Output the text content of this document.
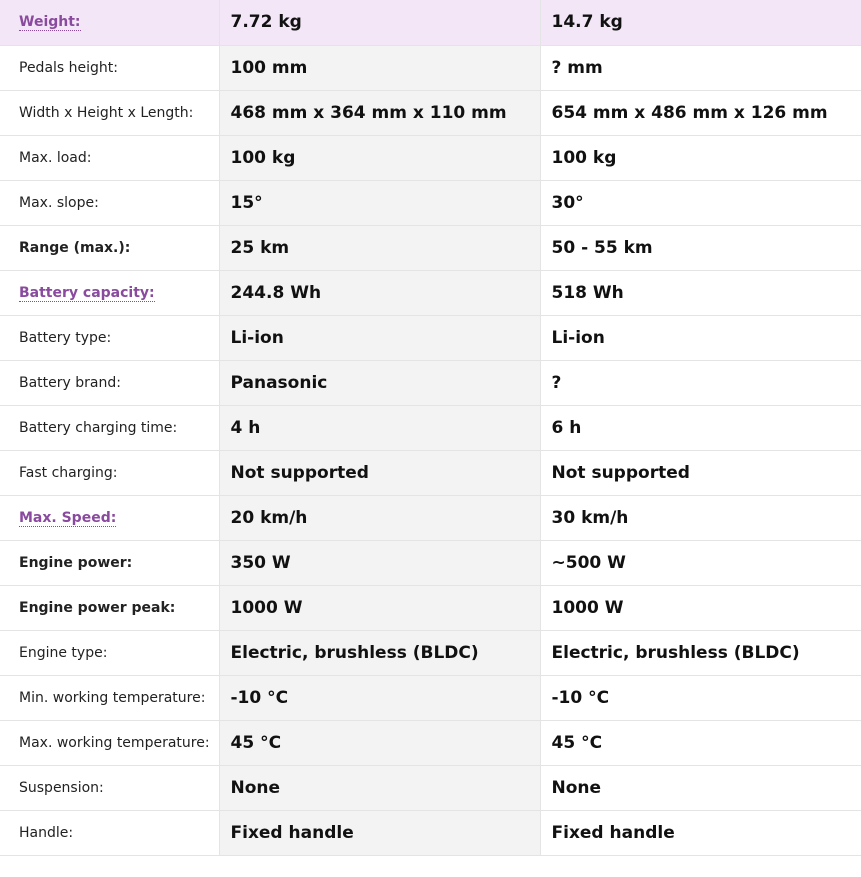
Weight:	7.72 kg	14.7 kg
Pedals height:	100 mm	? mm
Width x Height x Length:	468 mm x 364 mm x 110 mm	654 mm x 486 mm x 126 mm
Max. load:	100 kg	100 kg
Max. slope:	15°	30°
Range (max.):	25 km	50 - 55 km
Battery capacity:	244.8 Wh	518 Wh
Battery type:	Li-ion	Li-ion
Battery brand:	Panasonic	?
Battery charging time:	4 h	6 h
Fast charging:	Not supported	Not supported
Max. Speed:	20 km/h	30 km/h
Engine power:	350 W	~500 W
Engine power peak:	1000 W	1000 W
Engine type:	Electric, brushless (BLDC)	Electric, brushless (BLDC)
Min. working temperature:	-10 °C	-10 °C
Max. working temperature:	45 °C	45 °C
Suspension:	None	None
Handle:	Fixed handle	Fixed handle
